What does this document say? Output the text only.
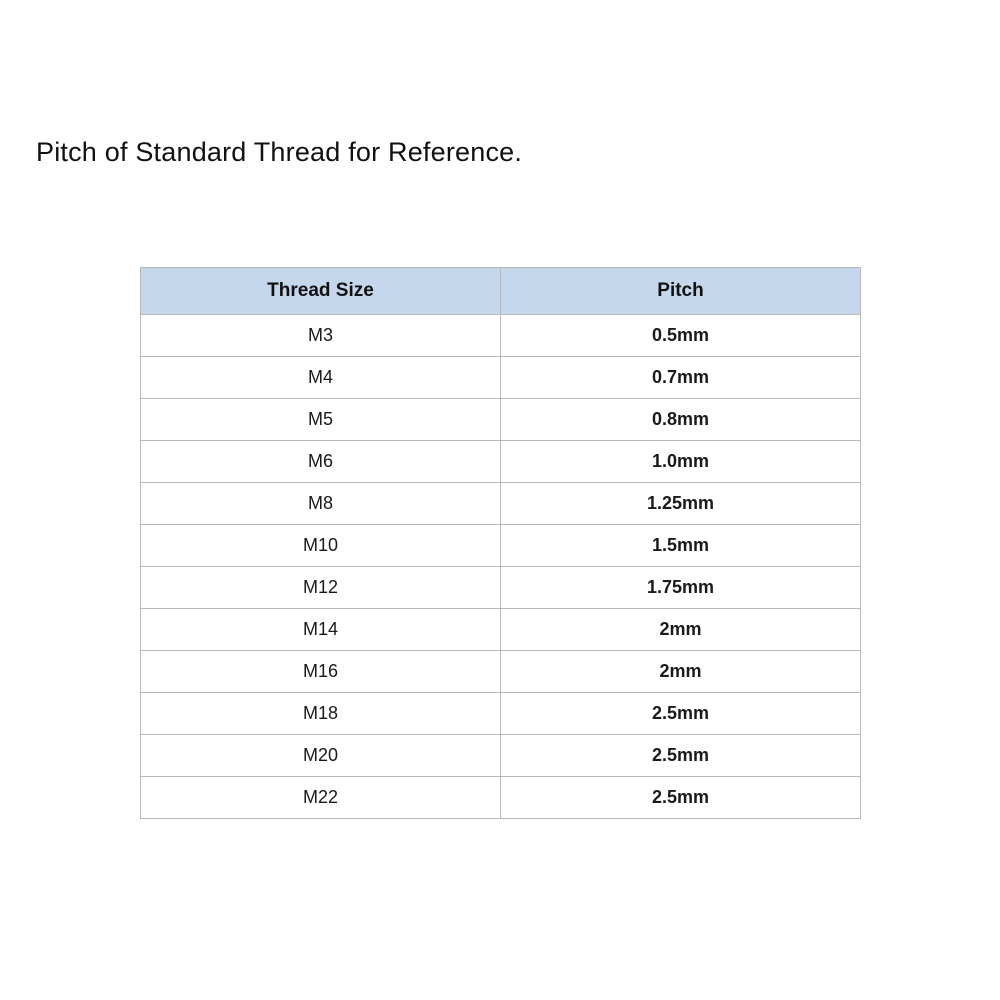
Pitch of Standard Thread for Reference.
Thread Size	Pitch
M3	0.5mm
M4	0.7mm
M5	0.8mm
M6	1.0mm
M8	1.25mm
M10	1.5mm
M12	1.75mm
M14	2mm
M16	2mm
M18	2.5mm
M20	2.5mm
M22	2.5mm
